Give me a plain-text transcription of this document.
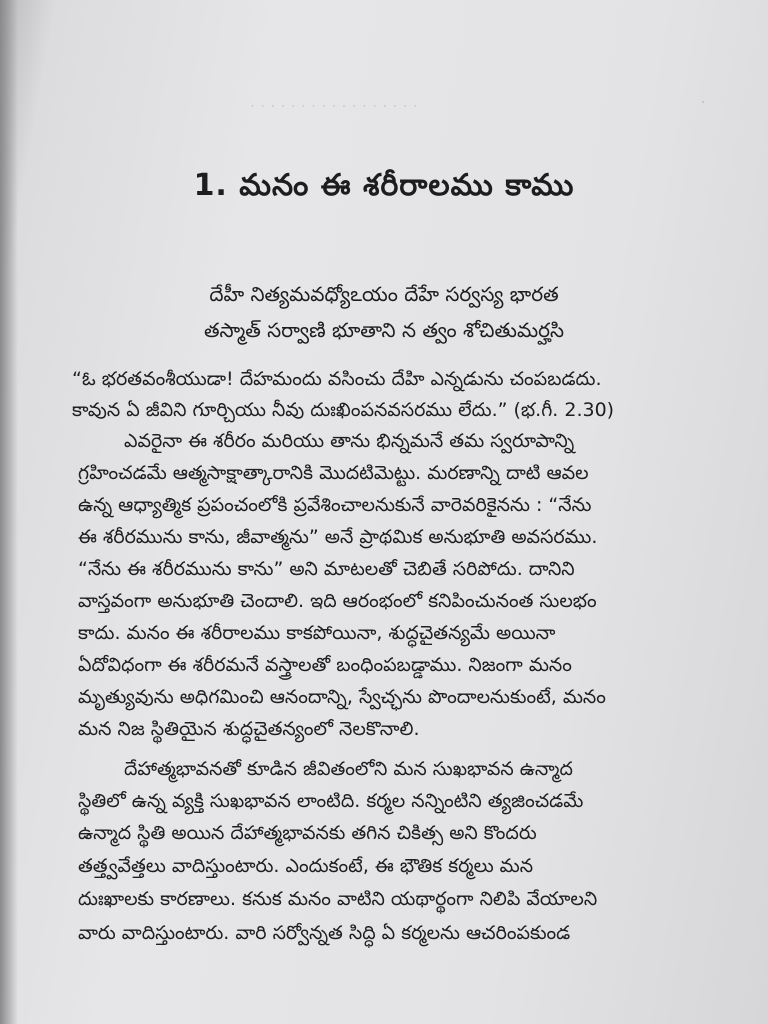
. . . . . . . . . . . . . . . . .	·
1. మనం ఈ శరీరాలము కాము
దేహీ నిత్యమవధ్యోఽయం దేహే సర్వస్య భారత
తస్మాత్ సర్వాణి భూతాని న త్వం శోచితుమర్హసి
“ఓ భరతవంశీయుడా! దేహమందు వసించు దేహి ఎన్నడును చంపబడదు.
కావున ఏ జీవిని గూర్చియు నీవు దుఃఖింపనవసరము లేదు.” (భ.గీ. 2.30)
ఎవరైనా ఈ శరీరం మరియు తాను భిన్నమనే తమ స్వరూపాన్ని
గ్రహించడమే ఆత్మసాక్షాత్కారానికి మొదటిమెట్టు. మరణాన్ని దాటి ఆవల
ఉన్న ఆధ్యాత్మిక ప్రపంచంలోకి ప్రవేశించాలనుకునే వారెవరికైనను : “నేను
ఈ శరీరమును కాను, జీవాత్మను” అనే ప్రాథమిక అనుభూతి అవసరము.
“నేను ఈ శరీరమును కాను” అని మాటలతో చెబితే సరిపోదు. దానిని
వాస్తవంగా అనుభూతి చెందాలి. ఇది ఆరంభంలో కనిపించునంత సులభం
కాదు. మనం ఈ శరీరాలము కాకపోయినా, శుద్ధచైతన్యమే అయినా
ఏదోవిధంగా ఈ శరీరమనే వస్త్రాలతో బంధింపబడ్డాము. నిజంగా మనం
మృత్యువును అధిగమించి ఆనందాన్ని, స్వేచ్ఛను పొందాలనుకుంటే, మనం
మన నిజ స్థితియైన శుద్ధచైతన్యంలో నెలకొనాలి.
దేహాత్మభావనతో కూడిన జీవితంలోని మన సుఖభావన ఉన్మాద
స్థితిలో ఉన్న వ్యక్తి సుఖభావన లాంటిది. కర్మల నన్నింటిని త్యజించడమే
ఉన్మాద స్థితి అయిన దేహాత్మభావనకు తగిన చికిత్స అని కొందరు
తత్త్వవేత్తలు వాదిస్తుంటారు. ఎందుకంటే, ఈ భౌతిక కర్మలు మన
దుఃఖాలకు కారణాలు. కనుక మనం వాటిని యథార్థంగా నిలిపి వేయాలని
వారు వాదిస్తుంటారు. వారి సర్వోన్నత సిద్ధి ఏ కర్మలను ఆచరింపకుండ
